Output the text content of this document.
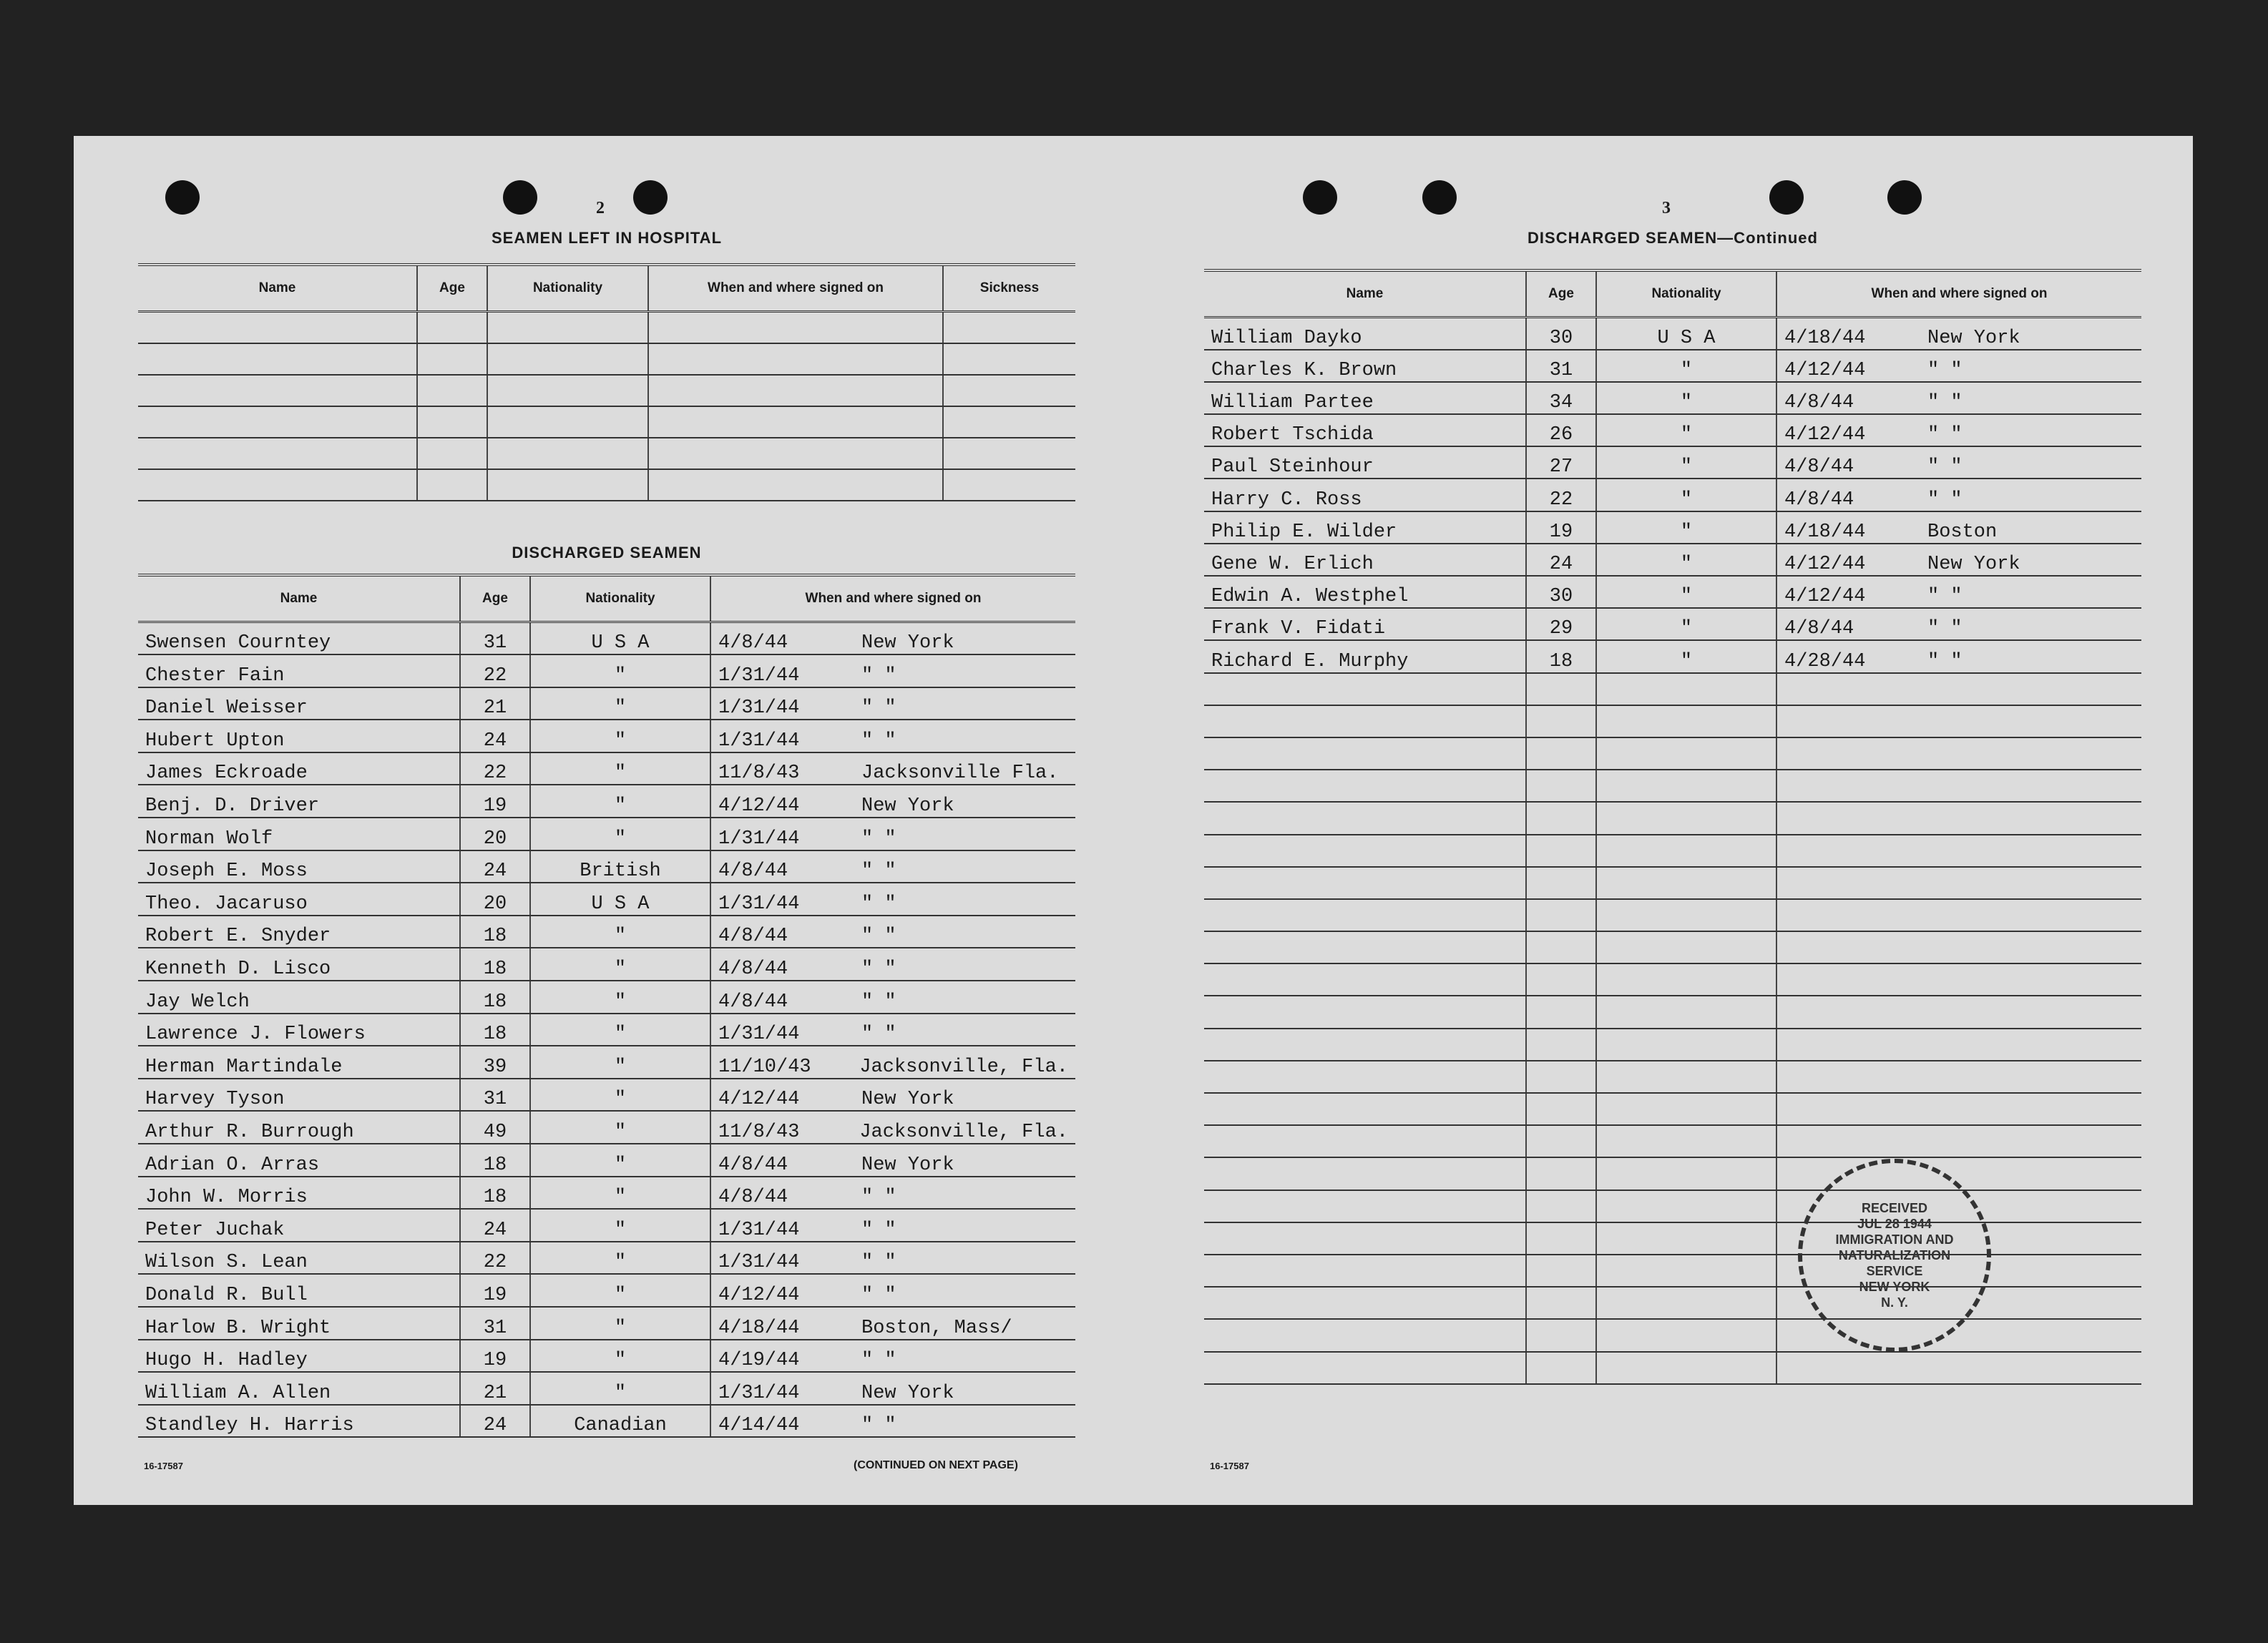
2
SEAMEN LEFT IN HOSPITAL
Name	Age	Nationality	When and where signed on	Sickness

DISCHARGED SEAMEN
Name	Age	Nationality	When and where signed on
Swensen Courntey	31	U S A	4/8/44 New York

Chester Fain	22	"	1/31/44 " "

Daniel Weisser	21	"	1/31/44 " "

Hubert Upton	24	"	1/31/44 " "

James Eckroade	22	"	11/8/43 Jacksonville Fla.

Benj. D. Driver	19	"	4/12/44 New York

Norman Wolf	20	"	1/31/44 " "

Joseph E. Moss	24	British	4/8/44 " "

Theo. Jacaruso	20	U S A	1/31/44 " "

Robert E. Snyder	18	"	4/8/44 " "

Kenneth D. Lisco	18	"	4/8/44 " "

Jay Welch	18	"	4/8/44 " "

Lawrence J. Flowers	18	"	1/31/44 " "

Herman Martindale	39	"	11/10/43 Jacksonville, Fla.

Harvey Tyson	31	"	4/12/44 New York

Arthur R. Burrough	49	"	11/8/43 Jacksonville, Fla.

Adrian O. Arras	18	"	4/8/44 New York

John W. Morris	18	"	4/8/44 " "

Peter Juchak	24	"	1/31/44 " "

Wilson S. Lean	22	"	1/31/44 " "

Donald R. Bull	19	"	4/12/44 " "

Harlow B. Wright	31	"	4/18/44 Boston, Mass/

Hugo H. Hadley	19	"	4/19/44 " "

William A. Allen	21	"	1/31/44 New York

Standley H. Harris	24	Canadian	4/14/44 " "
16-17587	(CONTINUED ON NEXT PAGE)
3
DISCHARGED SEAMEN—Continued
Name	Age	Nationality	When and where signed on
William Dayko	30	U S A	4/18/44 New York

Charles K. Brown	31	"	4/12/44 " "

William Partee	34	"	4/8/44 " "

Robert Tschida	26	"	4/12/44 " "

Paul Steinhour	27	"	4/8/44 " "

Harry C. Ross	22	"	4/8/44 " "

Philip E. Wilder	19	"	4/18/44 Boston

Gene W. Erlich	24	"	4/12/44 New York

Edwin A. Westphel	30	"	4/12/44 " "

Frank V. Fidati	29	"	4/8/44 " "

Richard E. Murphy	18	"	4/28/44 " "

RECEIVED
JUL 28 1944
IMMIGRATION AND
NATURALIZATION
SERVICE
NEW YORK
N. Y.
16-17587
